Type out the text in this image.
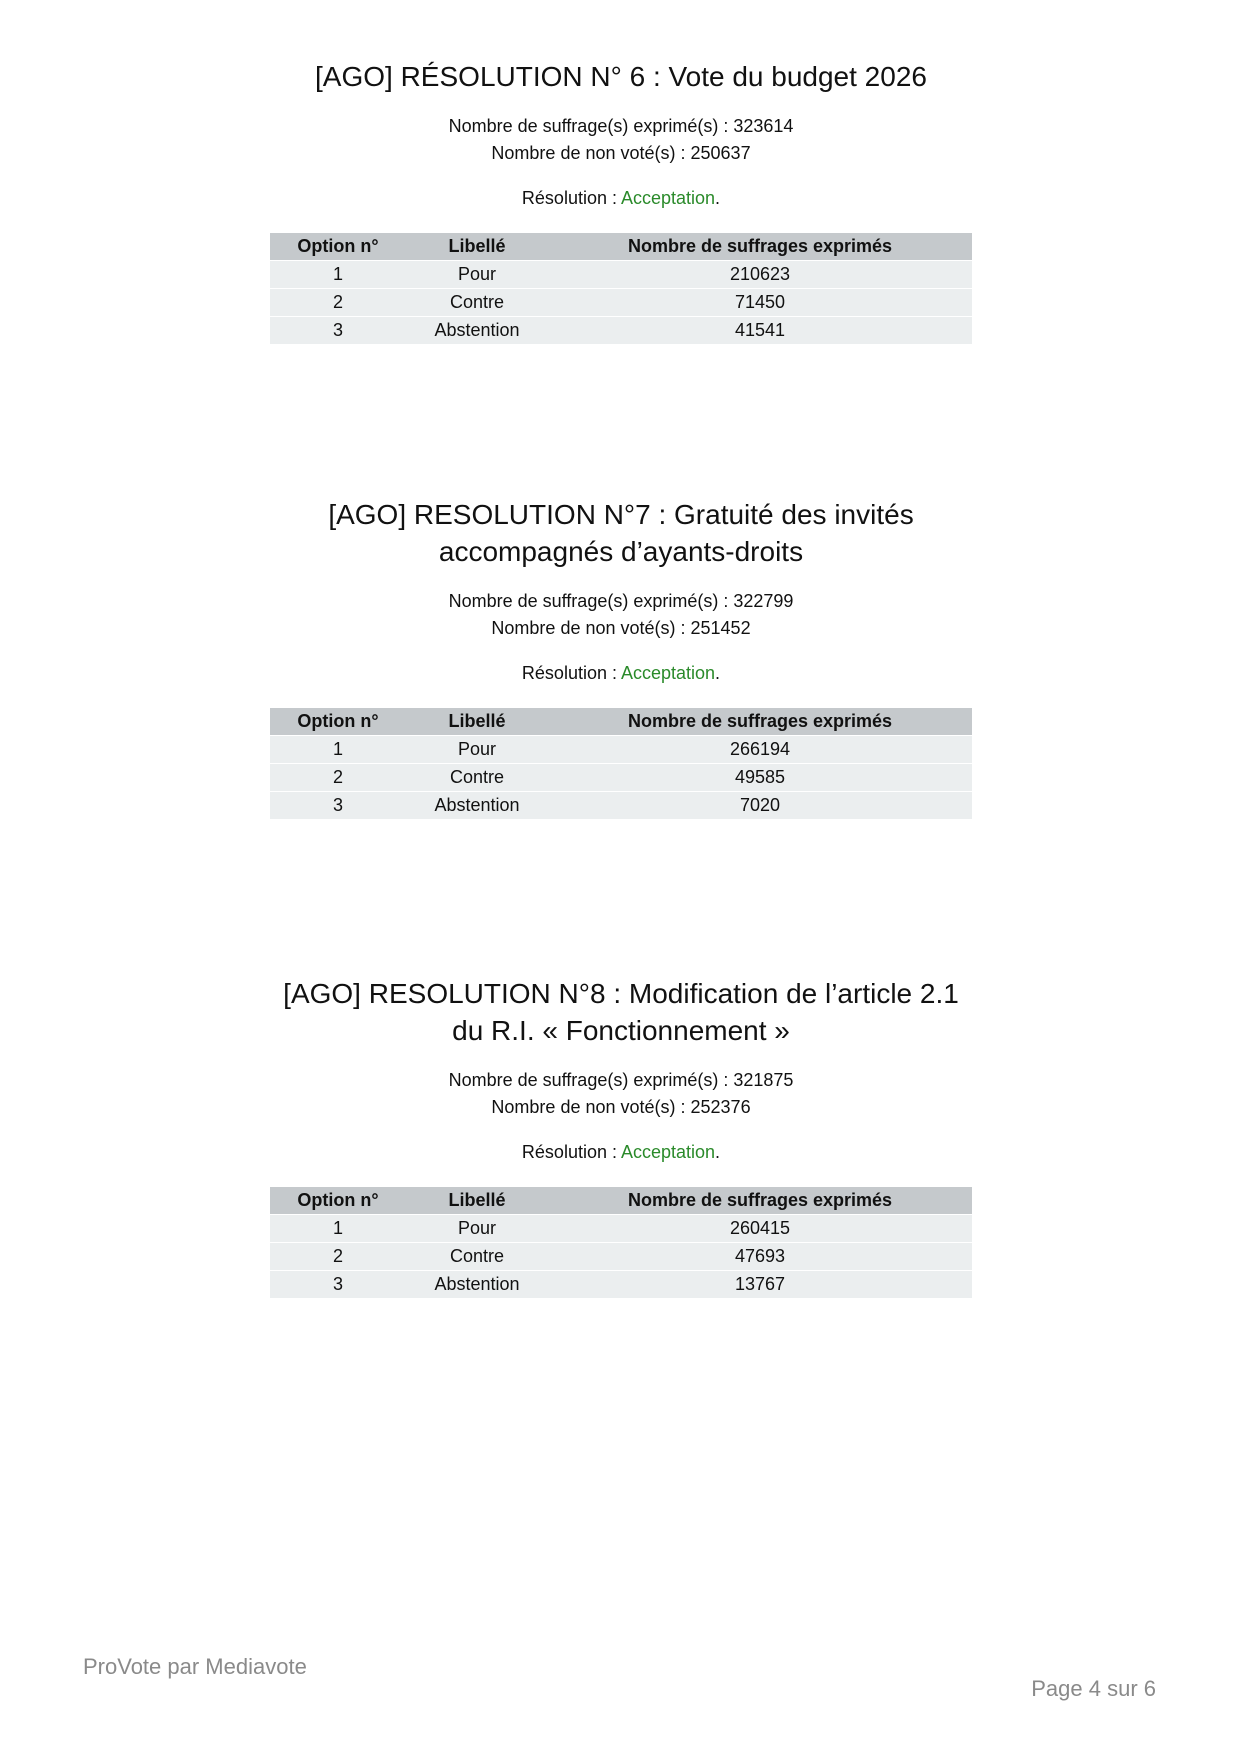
[AGO] RÉSOLUTION N° 6 : Vote du budget 2026
Nombre de suffrage(s) exprimé(s) : 323614
Nombre de non voté(s) : 250637
Résolution : Acceptation.
Option n°	Libellé	Nombre de suffrages exprimés
1	Pour	210623
2	Contre	71450
3	Abstention	41541
[AGO] RESOLUTION N°7 : Gratuité des invités accompagnés d’ayants-droits
Nombre de suffrage(s) exprimé(s) : 322799
Nombre de non voté(s) : 251452
Résolution : Acceptation.
Option n°	Libellé	Nombre de suffrages exprimés
1	Pour	266194
2	Contre	49585
3	Abstention	7020
[AGO] RESOLUTION N°8 : Modification de l’article 2.1 du R.I. « Fonctionnement »
Nombre de suffrage(s) exprimé(s) : 321875
Nombre de non voté(s) : 252376
Résolution : Acceptation.
Option n°	Libellé	Nombre de suffrages exprimés
1	Pour	260415
2	Contre	47693
3	Abstention	13767
ProVote par Mediavote
Page 4 sur 6
